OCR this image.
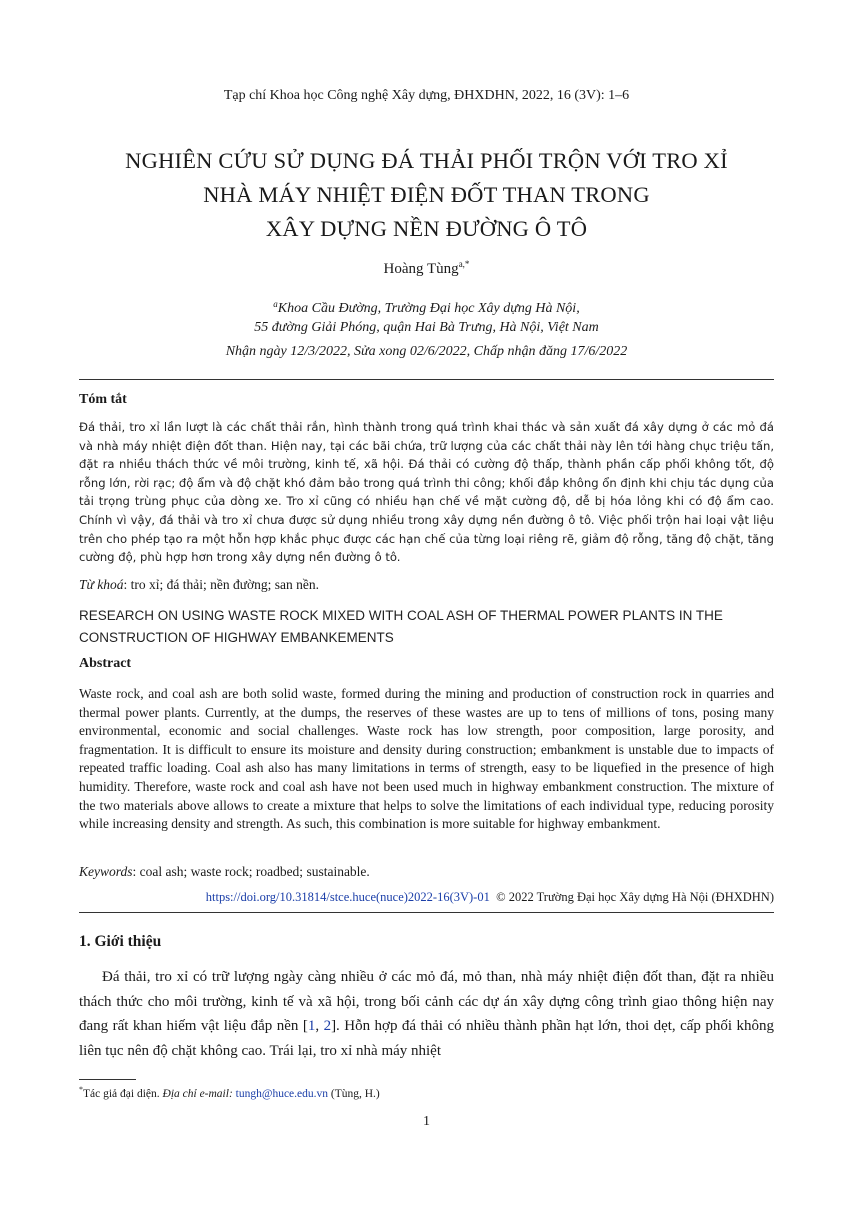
Tạp chí Khoa học Công nghệ Xây dựng, ĐHXDHN, 2022, 16 (3V): 1–6
NGHIÊN CỨU SỬ DỤNG ĐÁ THẢI PHỐI TRỘN VỚI TRO XỈ
NHÀ MÁY NHIỆT ĐIỆN ĐỐT THAN TRONG
XÂY DỰNG NỀN ĐƯỜNG Ô TÔ
Hoàng Tùng$^{a,*}$
$^a$Khoa Cầu Đường, Trường Đại học Xây dựng Hà Nội,
55 đường Giải Phóng, quận Hai Bà Trưng, Hà Nội, Việt Nam
Nhận ngày 12/3/2022, Sửa xong 02/6/2022, Chấp nhận đăng 17/6/2022
Tóm tắt
Đá thải, tro xỉ lần lượt là các chất thải rắn, hình thành trong quá trình khai thác và sản xuất đá xây dựng ở các mỏ đá và nhà máy nhiệt điện đốt than. Hiện nay, tại các bãi chứa, trữ lượng của các chất thải này lên tới hàng chục triệu tấn, đặt ra nhiều thách thức về môi trường, kinh tế, xã hội. Đá thải có cường độ thấp, thành phần cấp phối không tốt, độ rỗng lớn, rời rạc; độ ẩm và độ chặt khó đảm bảo trong quá trình thi công; khối đắp không ổn định khi chịu tác dụng của tải trọng trùng phục của dòng xe. Tro xỉ cũng có nhiều hạn chế về mặt cường độ, dễ bị hóa lỏng khi có độ ẩm cao. Chính vì vậy, đá thải và tro xỉ chưa được sử dụng nhiều trong xây dựng nền đường ô tô. Việc phối trộn hai loại vật liệu trên cho phép tạo ra một hỗn hợp khắc phục được các hạn chế của từng loại riêng rẽ, giảm độ rỗng, tăng độ chặt, tăng cường độ, phù hợp hơn trong xây dựng nền đường ô tô.
Từ khoá: tro xỉ; đá thải; nền đường; san nền.
RESEARCH ON USING WASTE ROCK MIXED WITH COAL ASH OF THERMAL POWER PLANTS IN THE CONSTRUCTION OF HIGHWAY EMBANKEMENTS
Abstract
Waste rock, and coal ash are both solid waste, formed during the mining and production of construction rock in quarries and thermal power plants. Currently, at the dumps, the reserves of these wastes are up to tens of millions of tons, posing many environmental, economic and social challenges. Waste rock has low strength, poor composition, large porosity, and fragmentation. It is difficult to ensure its moisture and density during construction; embankment is unstable due to impacts of repeated traffic loading. Coal ash also has many limitations in terms of strength, easy to be liquefied in the presence of high humidity. Therefore, waste rock and coal ash have not been used much in highway embankment construction. The mixture of the two materials above allows to create a mixture that helps to solve the limitations of each individual type, reducing porosity while increasing density and strength. As such, this combination is more suitable for highway embankment.
Keywords: coal ash; waste rock; roadbed; sustainable.
https://doi.org/10.31814/stce.huce(nuce)2022-16(3V)-01 © 2022 Trường Đại học Xây dựng Hà Nội (ĐHXDHN)
1. Giới thiệu
Đá thải, tro xỉ có trữ lượng ngày càng nhiều ở các mỏ đá, mỏ than, nhà máy nhiệt điện đốt than, đặt ra nhiều thách thức cho môi trường, kinh tế và xã hội, trong bối cảnh các dự án xây dựng công trình giao thông hiện nay đang rất khan hiếm vật liệu đắp nền [1, 2]. Hỗn hợp đá thải có nhiều thành phần hạt lớn, thoi dẹt, cấp phối không liên tục nên độ chặt không cao. Trái lại, tro xỉ nhà máy nhiệt
*Tác giả đại diện. Địa chỉ e-mail: tungh@huce.edu.vn (Tùng, H.)
1
